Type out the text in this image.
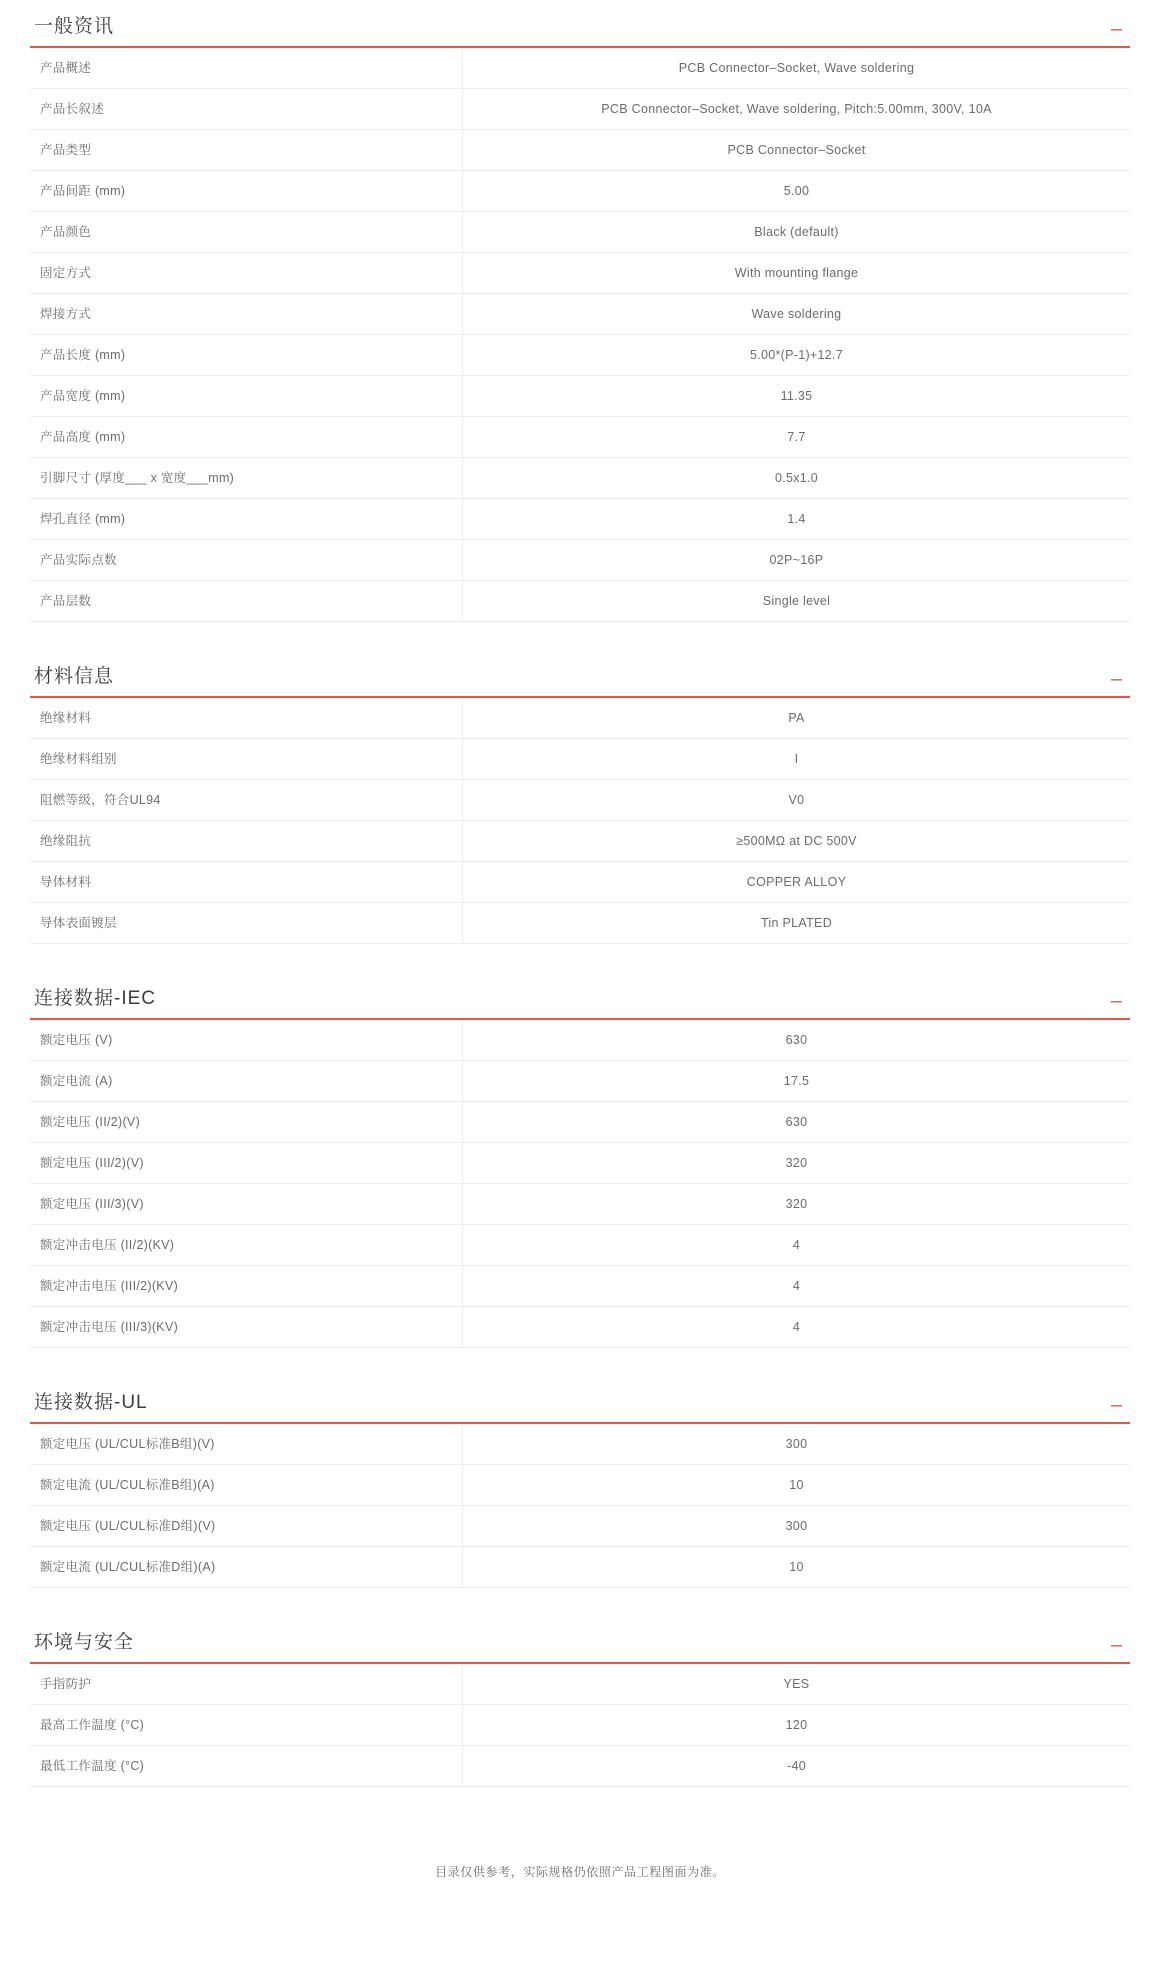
一般资讯	–
产品概述	PCB Connector–Socket, Wave soldering
产品长叙述	PCB Connector–Socket, Wave soldering, Pitch:5.00mm, 300V, 10A
产品类型	PCB Connector–Socket
产品间距 (mm)	5.00
产品颜色	Black (default)
固定方式	With mounting flange
焊接方式	Wave soldering
产品长度 (mm)	5.00*(P-1)+12.7
产品宽度 (mm)	11.35
产品高度 (mm)	7.7
引脚尺寸 (厚度___ x 宽度___mm)	0.5x1.0
焊孔直径 (mm)	1.4
产品实际点数	02P~16P
产品层数	Single level
材料信息	–
绝缘材料	PA
绝缘材料组别	I
阻燃等级，符合UL94	V0
绝缘阻抗	≥500MΩ at DC 500V
导体材料	COPPER ALLOY
导体表面镀层	Tin PLATED
连接数据-IEC	–
额定电压 (V)	630
额定电流 (A)	17.5
额定电压 (II/2)(V)	630
额定电压 (III/2)(V)	320
额定电压 (III/3)(V)	320
额定冲击电压 (II/2)(KV)	4
额定冲击电压 (III/2)(KV)	4
额定冲击电压 (III/3)(KV)	4
连接数据-UL	–
额定电压 (UL/CUL标准B组)(V)	300
额定电流 (UL/CUL标准B组)(A)	10
额定电压 (UL/CUL标准D组)(V)	300
额定电流 (UL/CUL标准D组)(A)	10
环境与安全	–
手指防护	YES
最高工作温度 (°C)	120
最低工作温度 (°C)	-40
目录仅供参考，实际规格仍依照产品工程图面为准。
